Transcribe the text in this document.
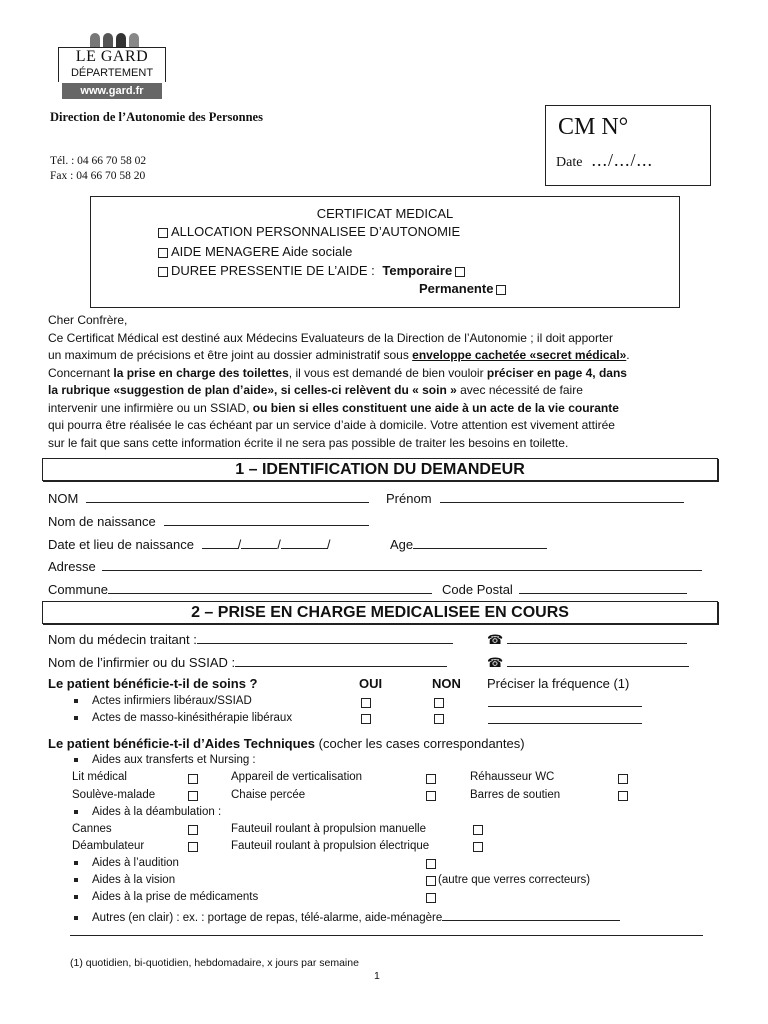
LE GARD
DÉPARTEMENT
www.gard.fr
Direction de l’Autonomie des Personnes
Tél. : 04 66 70 58 02
Fax : 04 66 70 58 20
CM N°
Date .../.../...
CERTIFICAT MEDICAL
ALLOCATION PERSONNALISEE D’AUTONOMIE
AIDE MENAGERE Aide sociale
DUREE PRESSENTIE DE L’AIDE : Temporaire
Permanente
Cher Confrère,
Ce Certificat Médical est destiné aux Médecins Evaluateurs de la Direction de l’Autonomie ; il doit apporter
un maximum de précisions et être joint au dossier administratif sous enveloppe cachetée «secret médical».
Concernant la prise en charge des toilettes, il vous est demandé de bien vouloir préciser en page 4, dans
la rubrique «suggestion de plan d’aide», si celles-ci relèvent du « soin » avec nécessité de faire
intervenir une infirmière ou un SSIAD, ou bien si elles constituent une aide à un acte de la vie courante
qui pourra être réalisée le cas échéant par un service d’aide à domicile. Votre attention est vivement attirée
sur le fait que sans cette information écrite il ne sera pas possible de traiter les besoins en toilette.
1 – IDENTIFICATION DU DEMANDEUR
NOM	Prénom
Nom de naissance
Date et lieu de naissance	/	/	/	Age
Adresse
Commune	Code Postal
2 – PRISE EN CHARGE MEDICALISEE EN COURS
Nom du médecin traitant :	☎
Nom de l’infirmier ou du SSIAD :	☎
Le patient bénéficie-t-il de soins ?	OUI	NON Préciser la fréquence (1)
Actes infirmiers libéraux/SSIAD
Actes de masso-kinésithérapie libéraux
Le patient bénéficie-t-il d’Aides Techniques (cocher les cases correspondantes)
Aides aux transferts et Nursing :
Lit médical	Appareil de verticalisation	Réhausseur WC
Soulève-malade	Chaise percée	Barres de soutien
Aides à la déambulation :
Cannes	Fauteuil roulant à propulsion manuelle
Déambulateur	Fauteuil roulant à propulsion électrique
Aides à l’audition
Aides à la vision	(autre que verres correcteurs)
Aides à la prise de médicaments
Autres (en clair) : ex. : portage de repas, télé-alarme, aide-ménagère
(1) quotidien, bi-quotidien, hebdomadaire, x jours par semaine
1
